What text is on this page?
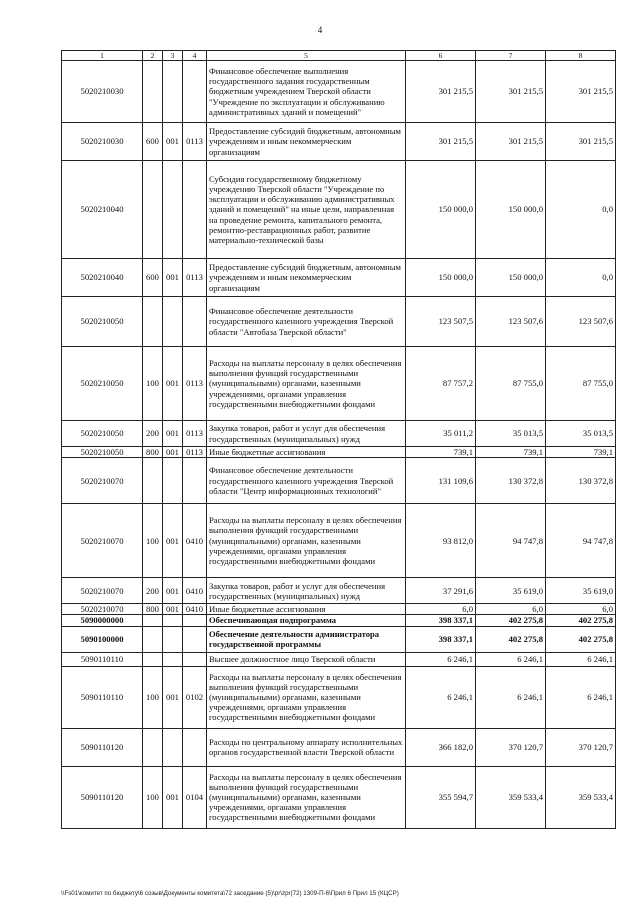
4
1	2	3	4	5	6	7	8
5020210030				Финансовое обеспечение выполнения государственного задания государственным бюджетным учреждением Тверской области "Учреждение по эксплуатации и обслуживанию административных зданий и помещений"	301 215,5	301 215,5	301 215,5
5020210030	600	001	0113	Предоставление субсидий бюджетным, автономным учреждениям и иным некоммерческим организациям	301 215,5	301 215,5	301 215,5
5020210040				Субсидия государственному бюджетному учреждению Тверской области "Учреждение по эксплуатации и обслуживанию административных зданий и помещений" на иные цели, направленная на проведение ремонта, капитального ремонта, ремонтно-реставрационных работ, развитие материально-технической базы	150 000,0	150 000,0	0,0
5020210040	600	001	0113	Предоставление субсидий бюджетным, автономным учреждениям и иным некоммерческим организациям	150 000,0	150 000,0	0,0
5020210050				Финансовое обеспечение деятельности государственного казенного учреждения Тверской области "Автобаза Тверской области"	123 507,5	123 507,6	123 507,6
5020210050	100	001	0113	Расходы на выплаты персоналу в целях обеспечения выполнения функций государственными (муниципальными) органами, казенными учреждениями, органами управления государственными внебюджетными фондами	87 757,2	87 755,0	87 755,0
5020210050	200	001	0113	Закупка товаров, работ и услуг для обеспечения государственных (муниципальных) нужд	35 011,2	35 013,5	35 013,5
5020210050	800	001	0113	Иные бюджетные ассигнования	739,1	739,1	739,1
5020210070				Финансовое обеспечение деятельности государственного казенного учреждения Тверской области "Центр информационных технологий"	131 109,6	130 372,8	130 372,8
5020210070	100	001	0410	Расходы на выплаты персоналу в целях обеспечения выполнения функций государственными (муниципальными) органами, казенными учреждениями, органами управления государственными внебюджетными фондами	93 812,0	94 747,8	94 747,8
5020210070	200	001	0410	Закупка товаров, работ и услуг для обеспечения государственных (муниципальных) нужд	37 291,6	35 619,0	35 619,0
5020210070	800	001	0410	Иные бюджетные ассигнования	6,0	6,0	6,0
5090000000				Обеспечивающая подпрограмма	398 337,1	402 275,8	402 275,8
5090100000				Обеспечение деятельности администратора государственной программы	398 337,1	402 275,8	402 275,8
5090110110				Высшее должностное лицо Тверской области	6 246,1	6 246,1	6 246,1
5090110110	100	001	0102	Расходы на выплаты персоналу в целях обеспечения выполнения функций государственными (муниципальными) органами, казенными учреждениями, органами управления государственными внебюджетными фондами	6 246,1	6 246,1	6 246,1
5090110120				Расходы по центральному аппарату исполнительных органов государственной власти Тверской области	366 182,0	370 120,7	370 120,7
5090110120	100	001	0104	Расходы на выплаты персоналу в целях обеспечения выполнения функций государственными (муниципальными) органами, казенными учреждениями, органами управления государственными внебюджетными фондами	355 594,7	359 533,4	359 533,4
\\Fs01\комитет по бюджету\6 созыв\Документы комитета\72 заседание (5)\pr\zpr(72) 1309-П-6\Прил 6 Прил 15 (КЦСР)
